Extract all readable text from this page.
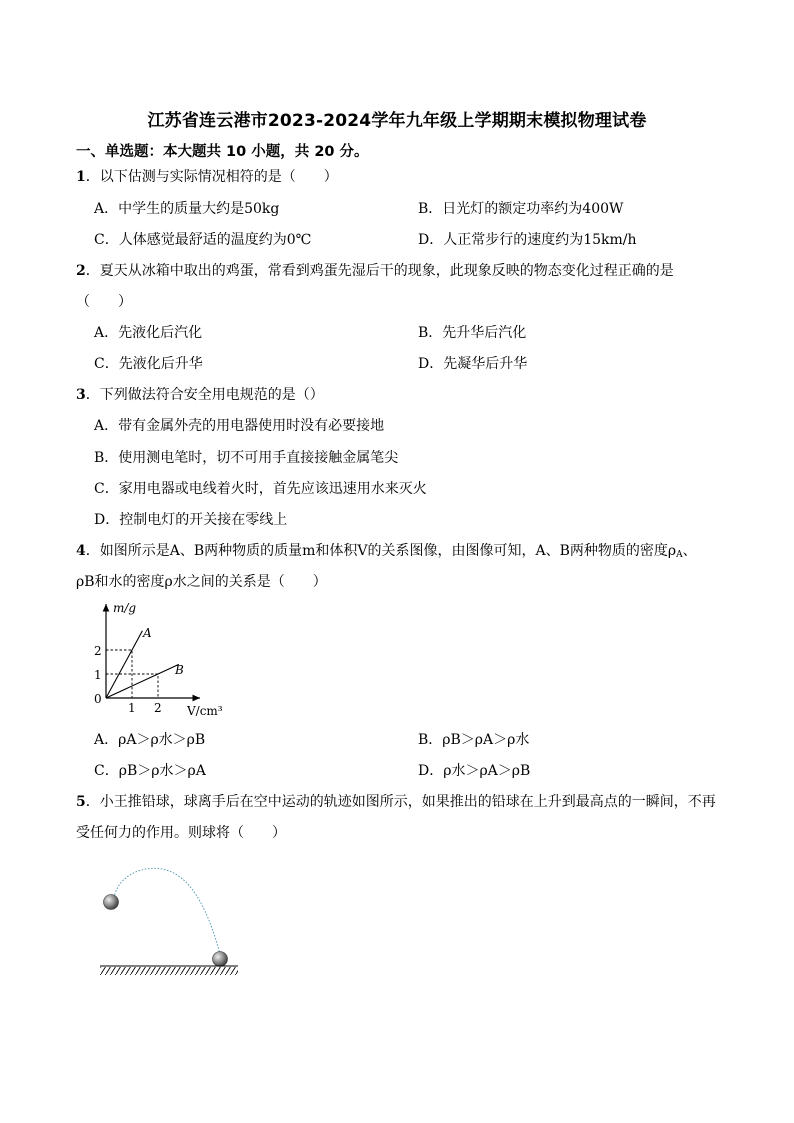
江苏省连云港市2023-2024学年九年级上学期期末模拟物理试卷
一、单选题：本大题共 10 小题，共 20 分。
1．以下估测与实际情况相符的是（　　）
A．中学生的质量大约是50kg	B．日光灯的额定功率约为400W
C．人体感觉最舒适的温度约为0℃	D．人正常步行的速度约为15km/h
2．夏天从冰箱中取出的鸡蛋，常看到鸡蛋先湿后干的现象，此现象反映的物态变化过程正确的是
（　　）
A．先液化后汽化	B．先升华后汽化
C．先液化后升华	D．先凝华后升华
3．下列做法符合安全用电规范的是（）
A．带有金属外壳的用电器使用时没有必要接地
B．使用测电笔时，切不可用手直接接触金属笔尖
C．家用电器或电线着火时，首先应该迅速用水来灭火
D．控制电灯的开关接在零线上
4．如图所示是A、B两种物质的质量m和体积V的关系图像，由图像可知，A、B两种物质的密度$\rho_A$、
ρB和水的密度ρ水之间的关系是（　　）
m/g
V/cm³
0
1 2
1
2
A
B
A．ρA＞ρ水＞ρB	B．ρB＞ρA＞ρ水
C．ρB＞ρ水＞ρA	D．ρ水＞ρA＞ρB
5．小王推铅球，球离手后在空中运动的轨迹如图所示，如果推出的铅球在上升到最高点的一瞬间，不再
受任何力的作用。则球将（　　）
